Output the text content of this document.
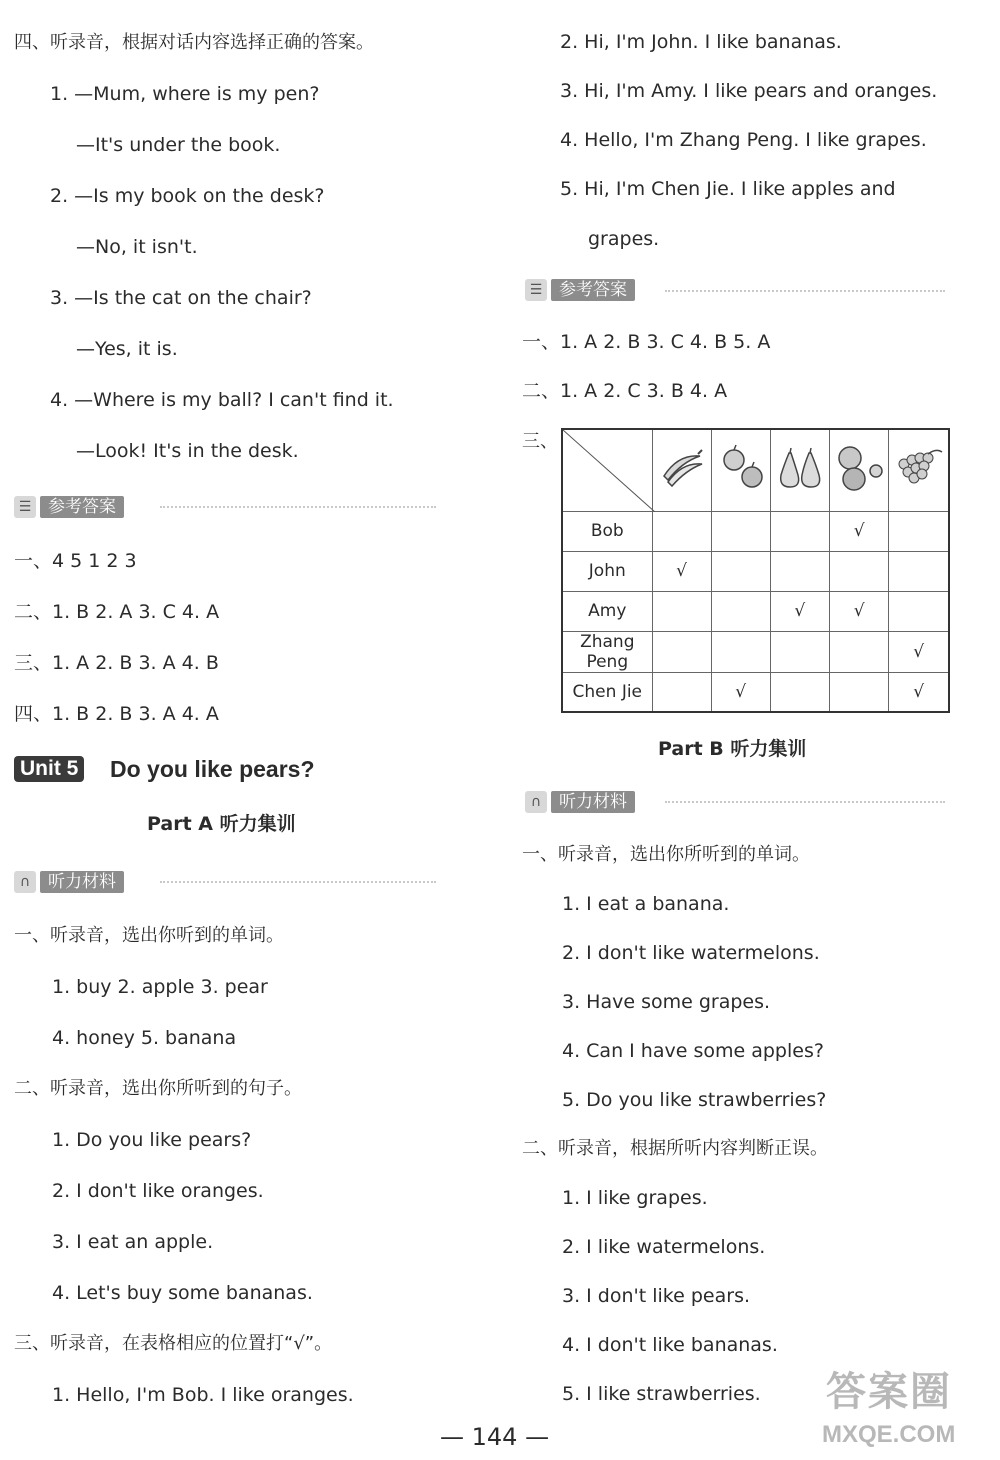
四、听录音，根据对话内容选择正确的答案。
1. —Mum, where is my pen?
—It's under the book.
2. —Is my book on the desk?
—No, it isn't.
3. —Is the cat on the chair?
—Yes, it is.
4. —Where is my ball? I can't find it.
—Look! It's in the desk.
☰ 参考答案
一、4 5 1 2 3
二、1. B 2. A 3. C 4. A
三、1. A 2. B 3. A 4. B
四、1. B 2. B 3. A 4. A
Unit 5 Do you like pears?
Part A 听力集训
∩	听力材料
一、听录音，选出你听到的单词。
1. buy 2. apple 3. pear
4. honey 5. banana
二、听录音，选出你所听到的句子。
1. Do you like pears?
2. I don't like oranges.
3. I eat an apple.
4. Let's buy some bananas.
三、听录音，在表格相应的位置打“√”。
1. Hello, I'm Bob. I like oranges.
2. Hi, I'm John. I like bananas.
3. Hi, I'm Amy. I like pears and oranges.
4. Hello, I'm Zhang Peng. I like grapes.
5. Hi, I'm Chen Jie. I like apples and
grapes.
☰ 参考答案
一、1. A 2. B 3. C 4. B 5. A
二、1. A 2. C 3. B 4. A
三、

Bob				√	
John	√				
Amy			√	√	
Zhang Peng					√
Chen Jie		√			√
Part B 听力集训
∩	听力材料
一、听录音，选出你所听到的单词。
1. I eat a banana.
2. I don't like watermelons.
3. Have some grapes.
4. Can I have some apples?
5. Do you like strawberries?
二、听录音，根据所听内容判断正误。
1. I like grapes.
2. I like watermelons.
3. I don't like pears.
4. I don't like bananas.
5. I like strawberries.
— 144 —
答案圈
MXQE.COM
